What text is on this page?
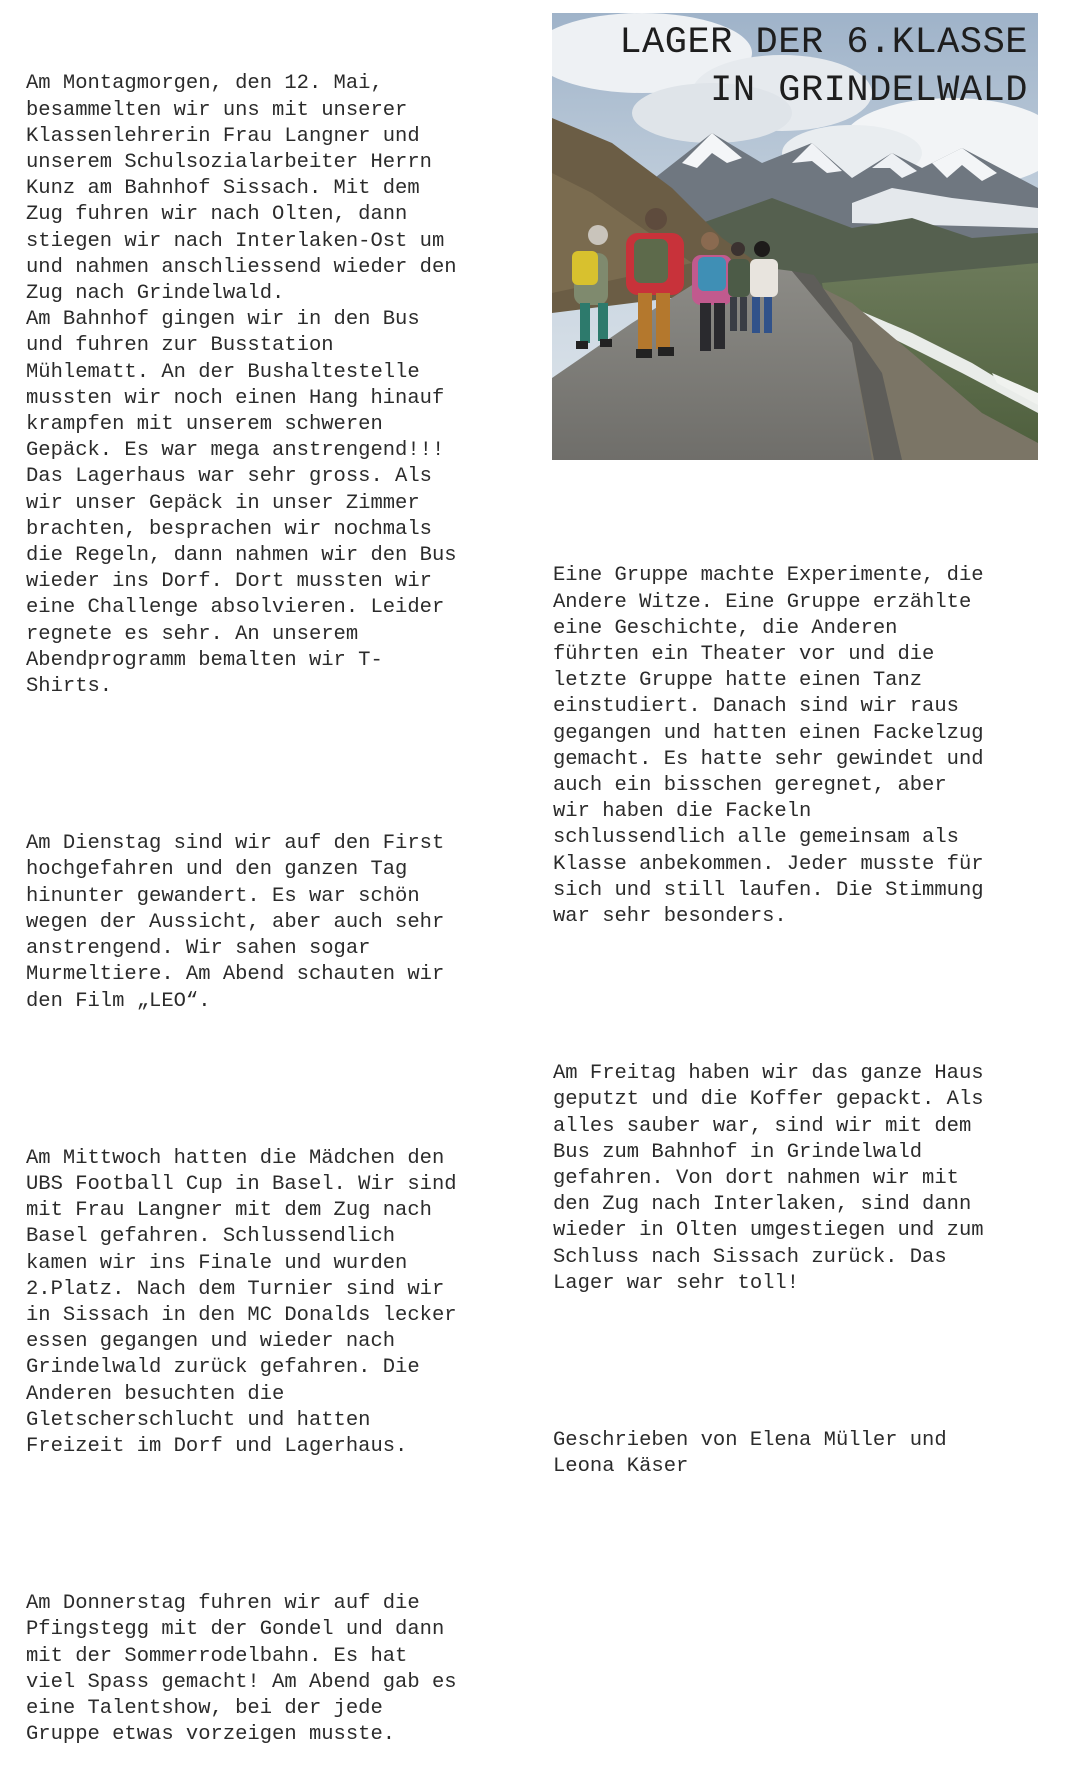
Am Montagmorgen, den 12. Mai,
besammelten wir uns mit unserer
Klassenlehrerin Frau Langner und
unserem Schulsozialarbeiter Herrn
Kunz am Bahnhof Sissach. Mit dem
Zug fuhren wir nach Olten, dann
stiegen wir nach Interlaken-Ost um
und nahmen anschliessend wieder den
Zug nach Grindelwald.
Am Bahnhof gingen wir in den Bus
und fuhren zur Busstation
Mühlematt. An der Bushaltestelle
mussten wir noch einen Hang hinauf
krampfen mit unserem schweren
Gepäck. Es war mega anstrengend!!!
Das Lagerhaus war sehr gross. Als
wir unser Gepäck in unser Zimmer
brachten, besprachen wir nochmals
die Regeln, dann nahmen wir den Bus
wieder ins Dorf. Dort mussten wir
eine Challenge absolvieren. Leider
regnete es sehr. An unserem
Abendprogramm bemalten wir T-
Shirts.

Am Dienstag sind wir auf den First
hochgefahren und den ganzen Tag
hinunter gewandert. Es war schön
wegen der Aussicht, aber auch sehr
anstrengend. Wir sahen sogar
Murmeltiere. Am Abend schauten wir
den Film „LEO“.

Am Mittwoch hatten die Mädchen den
UBS Football Cup in Basel. Wir sind
mit Frau Langner mit dem Zug nach
Basel gefahren. Schlussendlich
kamen wir ins Finale und wurden
2.Platz. Nach dem Turnier sind wir
in Sissach in den MC Donalds lecker
essen gegangen und wieder nach
Grindelwald zurück gefahren. Die
Anderen besuchten die
Gletscherschlucht und hatten
Freizeit im Dorf und Lagerhaus.

Am Donnerstag fuhren wir auf die
Pfingstegg mit der Gondel und dann
mit der Sommerrodelbahn. Es hat
viel Spass gemacht! Am Abend gab es
eine Talentshow, bei der jede
Gruppe etwas vorzeigen musste.

LAGER DER 6.KLASSE
IN GRINDELWALD

Eine Gruppe machte Experimente, die
Andere Witze. Eine Gruppe erzählte
eine Geschichte, die Anderen
führten ein Theater vor und die
letzte Gruppe hatte einen Tanz
einstudiert. Danach sind wir raus
gegangen und hatten einen Fackelzug
gemacht. Es hatte sehr gewindet und
auch ein bisschen geregnet, aber
wir haben die Fackeln
schlussendlich alle gemeinsam als
Klasse anbekommen. Jeder musste für
sich und still laufen. Die Stimmung
war sehr besonders.

Am Freitag haben wir das ganze Haus
geputzt und die Koffer gepackt. Als
alles sauber war, sind wir mit dem
Bus zum Bahnhof in Grindelwald
gefahren. Von dort nahmen wir mit
den Zug nach Interlaken, sind dann
wieder in Olten umgestiegen und zum
Schluss nach Sissach zurück. Das
Lager war sehr toll!

Geschrieben von Elena Müller und
Leona Käser
